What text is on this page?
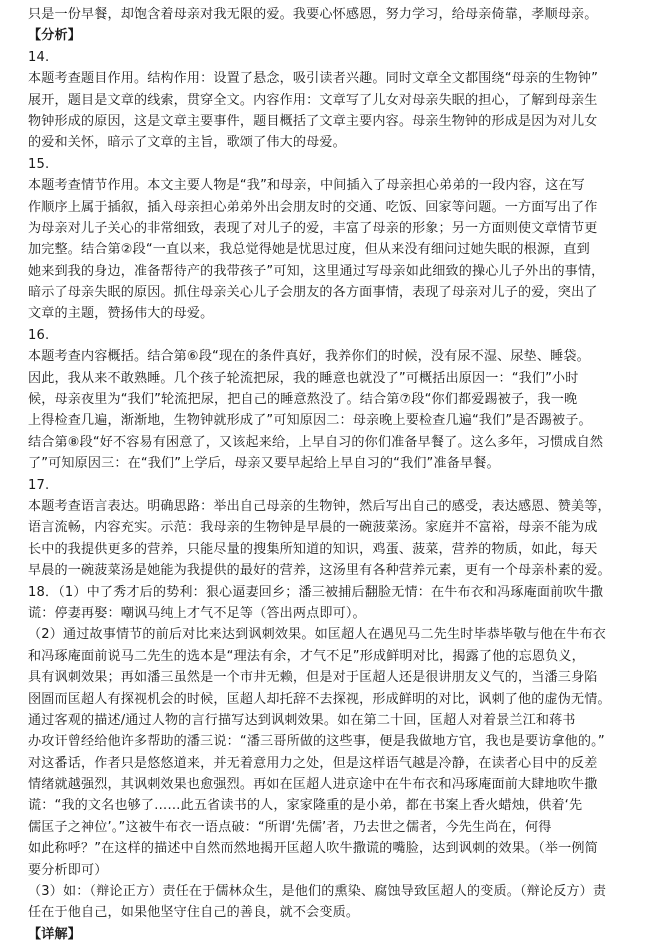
只是一份早餐，却饱含着母亲对我无限的爱。我要心怀感恩，努力学习，给母亲倚靠，孝顺母亲。
【分析】
14.
本题考查题目作用。结构作用：设置了悬念，吸引读者兴趣。同时文章全文都围绕“母亲的生物钟”
展开，题目是文章的线索，贯穿全文。内容作用：文章写了儿女对母亲失眠的担心，了解到母亲生
物钟形成的原因，这是文章主要事件，题目概括了文章主要内容。母亲生物钟的形成是因为对儿女
的爱和关怀，暗示了文章的主旨，歌颂了伟大的母爱。
15.
本题考查情节作用。本文主要人物是“我”和母亲，中间插入了母亲担心弟弟的一段内容，这在写
作顺序上属于插叙，插入母亲担心弟弟外出会朋友时的交通、吃饭、回家等问题。一方面写出了作
为母亲对儿子关心的非常细致，表现了对儿子的爱，丰富了母亲的形象；另一方面则使文章情节更
加完整。结合第②段“一直以来，我总觉得她是忧思过度，但从来没有细问过她失眠的根源，直到
她来到我的身边，准备帮待产的我带孩子”可知，这里通过写母亲如此细致的操心儿子外出的事情，
暗示了母亲失眠的原因。抓住母亲关心儿子会朋友的各方面事情，表现了母亲对儿子的爱，突出了
文章的主题，赞扬伟大的母爱。
16.
本题考查内容概括。结合第⑥段“现在的条件真好，我养你们的时候，没有尿不湿、尿垫、睡袋。
因此，我从来不敢熟睡。几个孩子轮流把尿，我的睡意也就没了”可概括出原因一：“我们”小时
候，母亲夜里为“我们”轮流把尿，把自己的睡意熬没了。结合第⑦段“你们都爱踢被子，我一晚
上得检查几遍，渐渐地，生物钟就形成了”可知原因二：母亲晚上要检查几遍“我们”是否踢被子。
结合第⑧段“好不容易有困意了，又该起来给，上早自习的你们准备早餐了。这么多年，习惯成自然
了”可知原因三：在“我们”上学后，母亲又要早起给上早自习的“我们”准备早餐。
17.
本题考查语言表达。明确思路：举出自己母亲的生物钟，然后写出自己的感受，表达感恩、赞美等，
语言流畅，内容充实。示范：我母亲的生物钟是早晨的一碗菠菜汤。家庭并不富裕，母亲不能为成
长中的我提供更多的营养，只能尽量的搜集所知道的知识，鸡蛋、菠菜，营养的物质，如此，每天
早晨的一碗菠菜汤是她能为我提供的最好的营养，这汤里有各种营养元素，更有一个母亲朴素的爱。
18．（1）中了秀才后的势利：狠心逼妻回乡；潘三被捕后翻脸无情：在牛布衣和冯琢庵面前吹牛撒
谎：停妻再娶：嘲讽马纯上才气不足等（答出两点即可）。
（2）通过故事情节的前后对比来达到讽刺效果。如匡超人在遇见马二先生时毕恭毕敬与他在牛布衣
和冯琢庵面前说马二先生的选本是“理法有余，才气不足”形成鲜明对比，揭露了他的忘恩负义，
具有讽刺效果；再如潘三虽然是一个市井无赖，但是对于匡超人还是很讲朋友义气的，当潘三身陷
囹圄而匡超人有探视机会的时候，匡超人却托辞不去探视，形成鲜明的对比，讽刺了他的虚伪无情。
通过客观的描述/通过人物的言行描写达到讽刺效果。如在第二十回，匡超人对着景兰江和蒋书
办攻讦曾经给他许多帮助的潘三说：“潘三哥所做的这些事，便是我做地方官，我也是要访拿他的。”
对这番话，作者只是悠悠道来，并无着意用力之处，但是这样语气越是冷静，在读者心目中的反差
情绪就越强烈，其讽刺效果也愈强烈。再如在匡超人进京途中在牛布衣和冯琢庵面前大肆地吹牛撒
谎：“我的文名也够了……此五省读书的人，家家隆重的是小弟，都在书案上香火蜡烛，供着‘先
儒匡子之神位’。”这被牛布衣一语点破：“所谓‘先儒’者，乃去世之儒者，今先生尚在，何得
如此称呼？”在这样的描述中自然而然地揭开匡超人吹牛撒谎的嘴脸，达到讽刺的效果。（举一例简
要分析即可）
（3）如：（辩论正方）责任在于儒林众生，是他们的熏染、腐蚀导致匡超人的变质。（辩论反方）责
任在于他自己，如果他坚守住自己的善良，就不会变质。
【详解】
